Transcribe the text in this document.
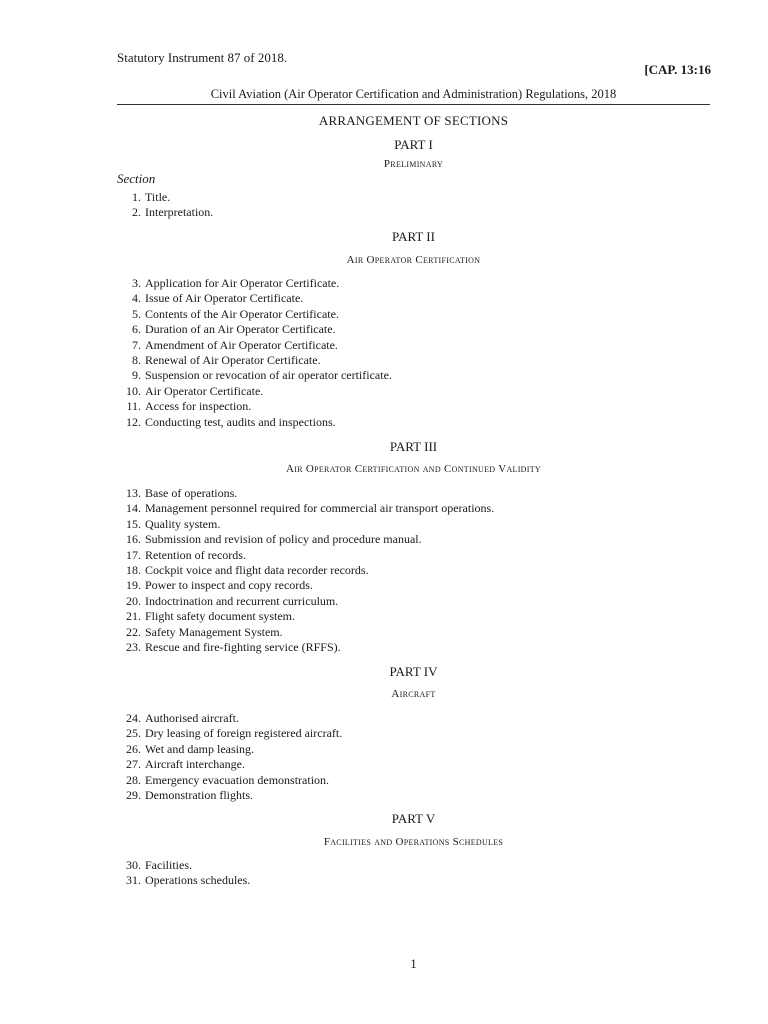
Statutory Instrument 87 of 2018.
[CAP. 13:16
Civil Aviation (Air Operator Certification and Administration) Regulations, 2018
ARRANGEMENT OF SECTIONS
PART I
Preliminary
Section
1. Title.
2. Interpretation.
PART II
Air Operator Certification
3. Application for Air Operator Certificate.
4. Issue of Air Operator Certificate.
5. Contents of the Air Operator Certificate.
6. Duration of an Air Operator Certificate.
7. Amendment of Air Operator Certificate.
8. Renewal of Air Operator Certificate.
9. Suspension or revocation of air operator certificate.
10. Air Operator Certificate.
11. Access for inspection.
12. Conducting test, audits and inspections.
PART III
Air Operator Certification and Continued Validity
13. Base of operations.
14. Management personnel required for commercial air transport operations.
15. Quality system.
16. Submission and revision of policy and procedure manual.
17. Retention of records.
18. Cockpit voice and flight data recorder records.
19. Power to inspect and copy records.
20. Indoctrination and recurrent curriculum.
21. Flight safety document system.
22. Safety Management System.
23. Rescue and fire-fighting service (RFFS).
PART IV
Aircraft
24. Authorised aircraft.
25. Dry leasing of foreign registered aircraft.
26. Wet and damp leasing.
27. Aircraft interchange.
28. Emergency evacuation demonstration.
29. Demonstration flights.
PART V
Facilities and Operations Schedules
30. Facilities.
31. Operations schedules.
1
